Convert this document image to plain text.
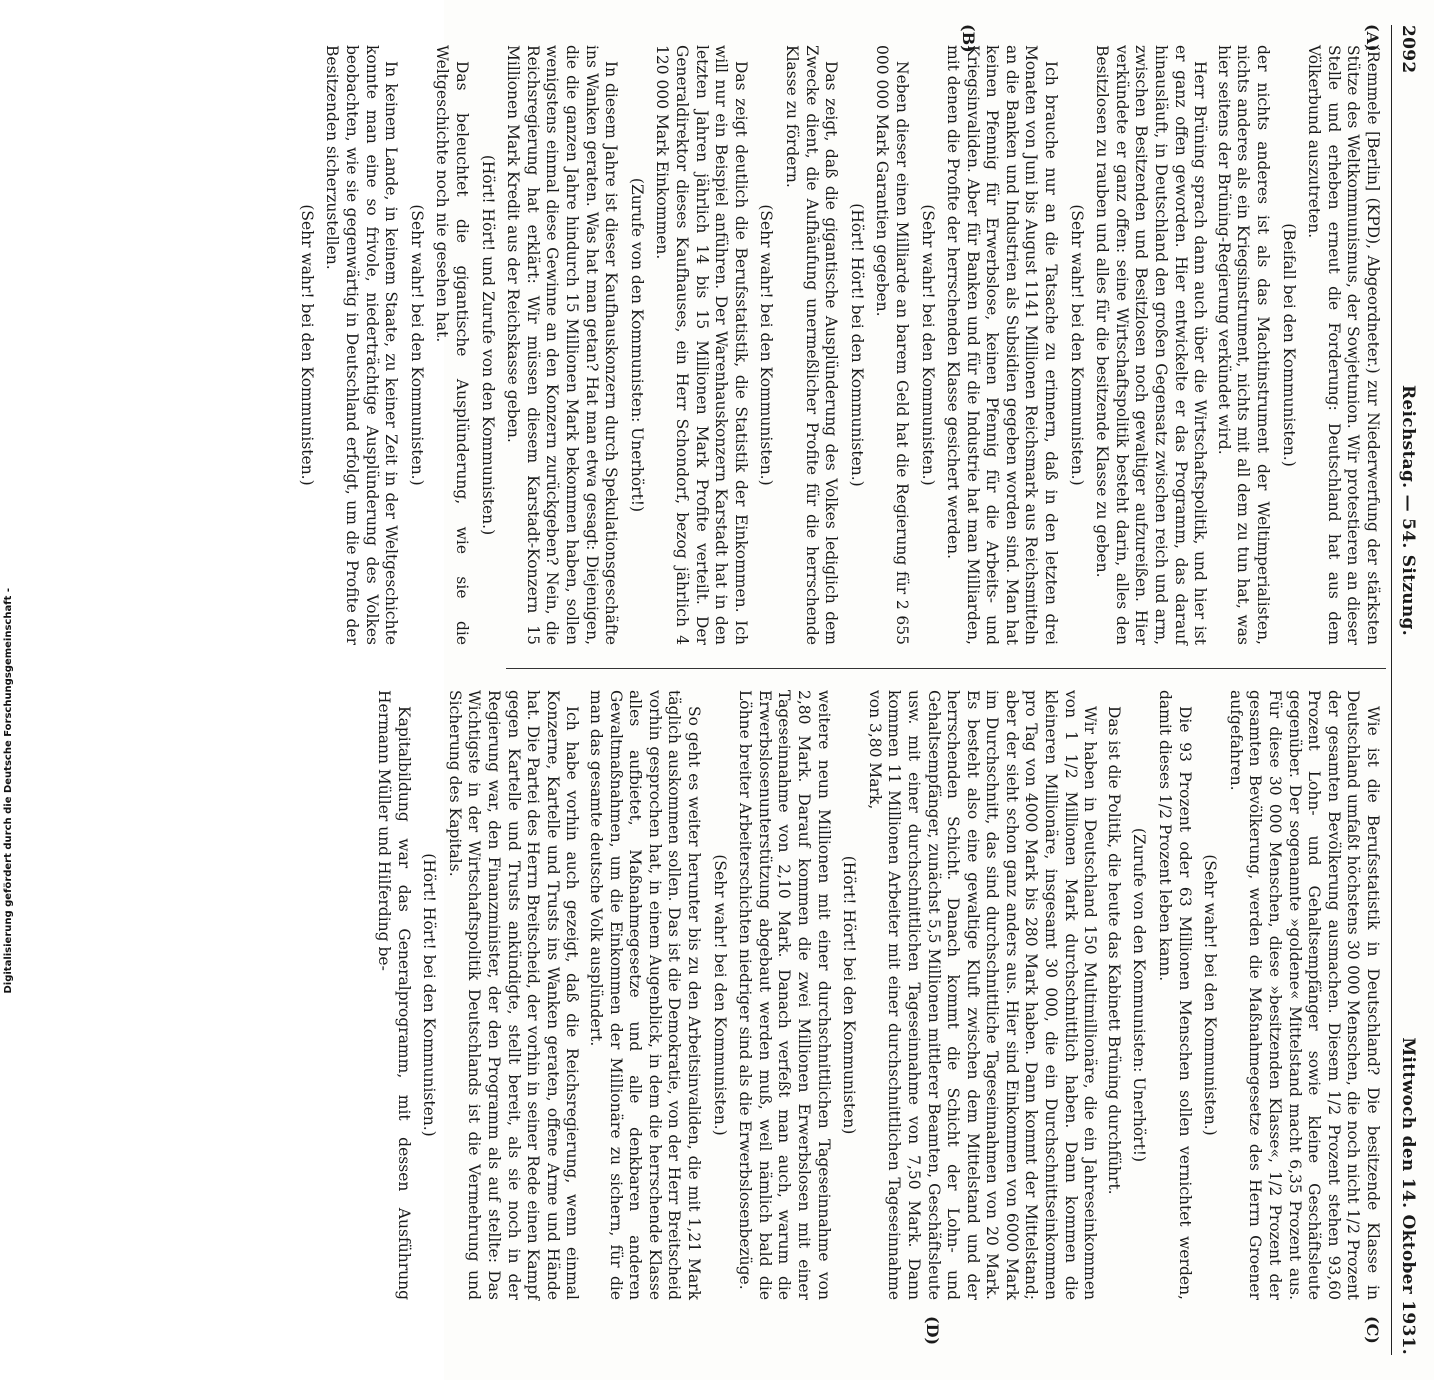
2092
Reichstag. — 54. Sitzung.
Mittwoch den 14. Oktober 1931.
(A)
(B)
(C)
(D)

(Remmele [Berlin] (KPD), Abgeordneter.) zur Niederwerfung der stärksten Stütze des Weltkommunismus, der Sowjetunion. Wir protestieren an dieser Stelle und erheben erneut die Forderung: Deutschland hat aus dem Völkerbund auszutreten.

(Beifall bei den Kommunisten.)

der nichts anderes ist als das Machtinstrument der Weltimperialisten, nichts anderes als ein Kriegsinstrument, nichts mit all dem zu tun hat, was hier seitens der Brüning-Regierung verkündet wird.

Herr Brüning sprach dann auch über die Wirtschaftspolitik, und hier ist er ganz offen geworden. Hier entwickelte er das Programm, das darauf hinausläuft, in Deutschland den großen Gegensatz zwischen reich und arm, zwischen Besitzenden und Besitzlosen noch gewaltiger aufzureißen. Hier verkündete er ganz offen: seine Wirtschaftspolitik besteht darin, alles den Besitzlosen zu rauben und alles für die besitzende Klasse zu geben.

(Sehr wahr! bei den Kommunisten.)

Ich brauche nur an die Tatsache zu erinnern, daß in den letzten drei Monaten von Juni bis August 1141 Millionen Reichsmark aus Reichsmitteln an die Banken und Industrien als Subsidien gegeben worden sind. Man hat keinen Pfennig für Erwerbslose, keinen Pfennig für die Arbeits- und Kriegsinvaliden. Aber für Banken und für die Industrie hat man Milliarden, mit denen die Profite der herrschenden Klasse gesichert werden.

(Sehr wahr! bei den Kommunisten.)

Neben dieser einen Milliarde an barem Geld hat die Regierung für 2 655 000 000 Mark Garantien gegeben.

(Hört! Hört! bei den Kommunisten.)

Das zeigt, daß die gigantische Ausplünderung des Volkes lediglich dem Zwecke dient, die Aufhäufung unermeßlicher Profite für die herrschende Klasse zu fördern.

(Sehr wahr! bei den Kommunisten.)

Das zeigt deutlich die Berufsstatistik, die Statistik der Einkommen. Ich will nur ein Beispiel anführen. Der Warenhauskonzern Karstadt hat in den letzten Jahren jährlich 14 bis 15 Millionen Mark Profite verteilt. Der Generaldirektor dieses Kaufhauses, ein Herr Schondorf, bezog jährlich 4 120 000 Mark Einkommen.

(Zurufe von den Kommunisten: Unerhört!)

In diesem Jahre ist dieser Kaufhauskonzern durch Spekulationsgeschäfte ins Wanken geraten. Was hat man getan? Hat man etwa gesagt: Diejenigen, die die ganzen Jahre hindurch 15 Millionen Mark bekommen haben, sollen wenigstens einmal diese Gewinne an den Konzern zurückgeben? Nein, die Reichsregierung hat erklärt: Wir müssen diesem Karstadt-Konzern 15 Millionen Mark Kredit aus der Reichskasse geben.

(Hört! Hört! und Zurufe von den Kommunisten.)

Das beleuchtet die gigantische Ausplünderung, wie sie die Weltgeschichte noch nie gesehen hat.

(Sehr wahr! bei den Kommunisten.)

In keinem Lande, in keinem Staate, zu keiner Zeit in der Weltgeschichte konnte man eine so frivole, niederträchtige Ausplünderung des Volkes beobachten, wie sie gegenwärtig in Deutschland erfolgt, um die Profite der Besitzenden sicherzustellen.

(Sehr wahr! bei den Kommunisten.)

Wie ist die Berufsstatistik in Deutschland? Die besitzende Klasse in Deutschland umfaßt höchstens 30 000 Menschen, die noch nicht 1/2 Prozent der gesamten Bevölkerung ausmachen. Diesem 1/2 Prozent stehen 93,60 Prozent Lohn- und Gehaltsempfänger sowie kleine Geschäftsleute gegenüber. Der sogenannte »goldene« Mittelstand macht 6,35 Prozent aus. Für diese 30 000 Menschen, diese »besitzenden Klasse«, 1/2 Prozent der gesamten Bevölkerung, werden die Maßnahmegesetze des Herrn Groener aufgefahren.

(Sehr wahr! bei den Kommunisten.)

Die 93 Prozent oder 63 Millionen Menschen sollen vernichtet werden, damit dieses 1/2 Prozent leben kann.

(Zurufe von den Kommunisten: Unerhört!)

Das ist die Politik, die heute das Kabinett Brüning durchführt.

Wir haben in Deutschland 150 Multimillionäre, die ein Jahreseinkommen von 1 1/2 Millionen Mark durchschnittlich haben. Dann kommen die kleineren Millionäre, insgesamt 30 000, die ein Durchschnittseinkommen pro Tag von 4000 Mark bis 280 Mark haben. Dann kommt der Mittelstand; aber der sieht schon ganz anders aus. Hier sind Einkommen von 6000 Mark im Durchschnitt, das sind durchschnittliche Tageseinnahmen von 20 Mark. Es besteht also eine gewaltige Kluft zwischen dem Mittelstand und der herrschenden Schicht. Danach kommt die Schicht der Lohn- und Gehaltsempfänger, zunächst 5,5 Millionen mittlerer Beamten, Geschäftsleute usw. mit einer durchschnittlichen Tageseinnahme von 7,50 Mark. Dann kommen 11 Millionen Arbeiter mit einer durchschnittlichen Tageseinnahme von 3,80 Mark,

(Hört! Hört! bei den Kommunisten)

weitere neun Millionen mit einer durchschnittlichen Tageseinnahme von 2,80 Mark. Darauf kommen die zwei Millionen Erwerbslosen mit einer Tageseinnahme von 2,10 Mark. Danach verfeßt man auch, warum die Erwerbslosenunterstützung abgebaut werden muß, weil nämlich bald die Löhne breiter Arbeiterschichten niedriger sind als die Erwerbslosenbezüge.

(Sehr wahr! bei den Kommunisten.)

So geht es weiter herunter bis zu den Arbeitsinvaliden, die mit 1,21 Mark täglich auskommen sollen. Das ist die Demokratie, von der Herr Breitscheid vorhin gesprochen hat, in einem Augenblick, in dem die herrschende Klasse alles aufbietet, Maßnahmegesetze und alle denkbaren anderen Gewaltmaßnahmen, um die Einkommen der Millionäre zu sichern, für die man das gesamte deutsche Volk ausplündert.

Ich habe vorhin auch gezeigt, daß die Reichsregierung, wenn einmal Konzerne, Kartelle und Trusts ins Wanken geraten, offene Arme und Hände hat. Die Partei des Herrn Breitscheid, der vorhin in seiner Rede einen Kampf gegen Kartelle und Trusts ankündigte, stellt bereit, als sie noch in der Regierung war, den Finanzminister, der den Programm als auf stellte: Das Wichtigste in der Wirtschaftspolitik Deutschlands ist die Vermehrung und Sicherung des Kapitals.

(Hört! Hört! bei den Kommunisten.)

Kapitalbildung war das Generalprogramm, mit dessen Ausführung Hermann Müller und Hilferding be-

Digitalisierung gefördert durch die Deutsche Forschungsgemeinschaft -
